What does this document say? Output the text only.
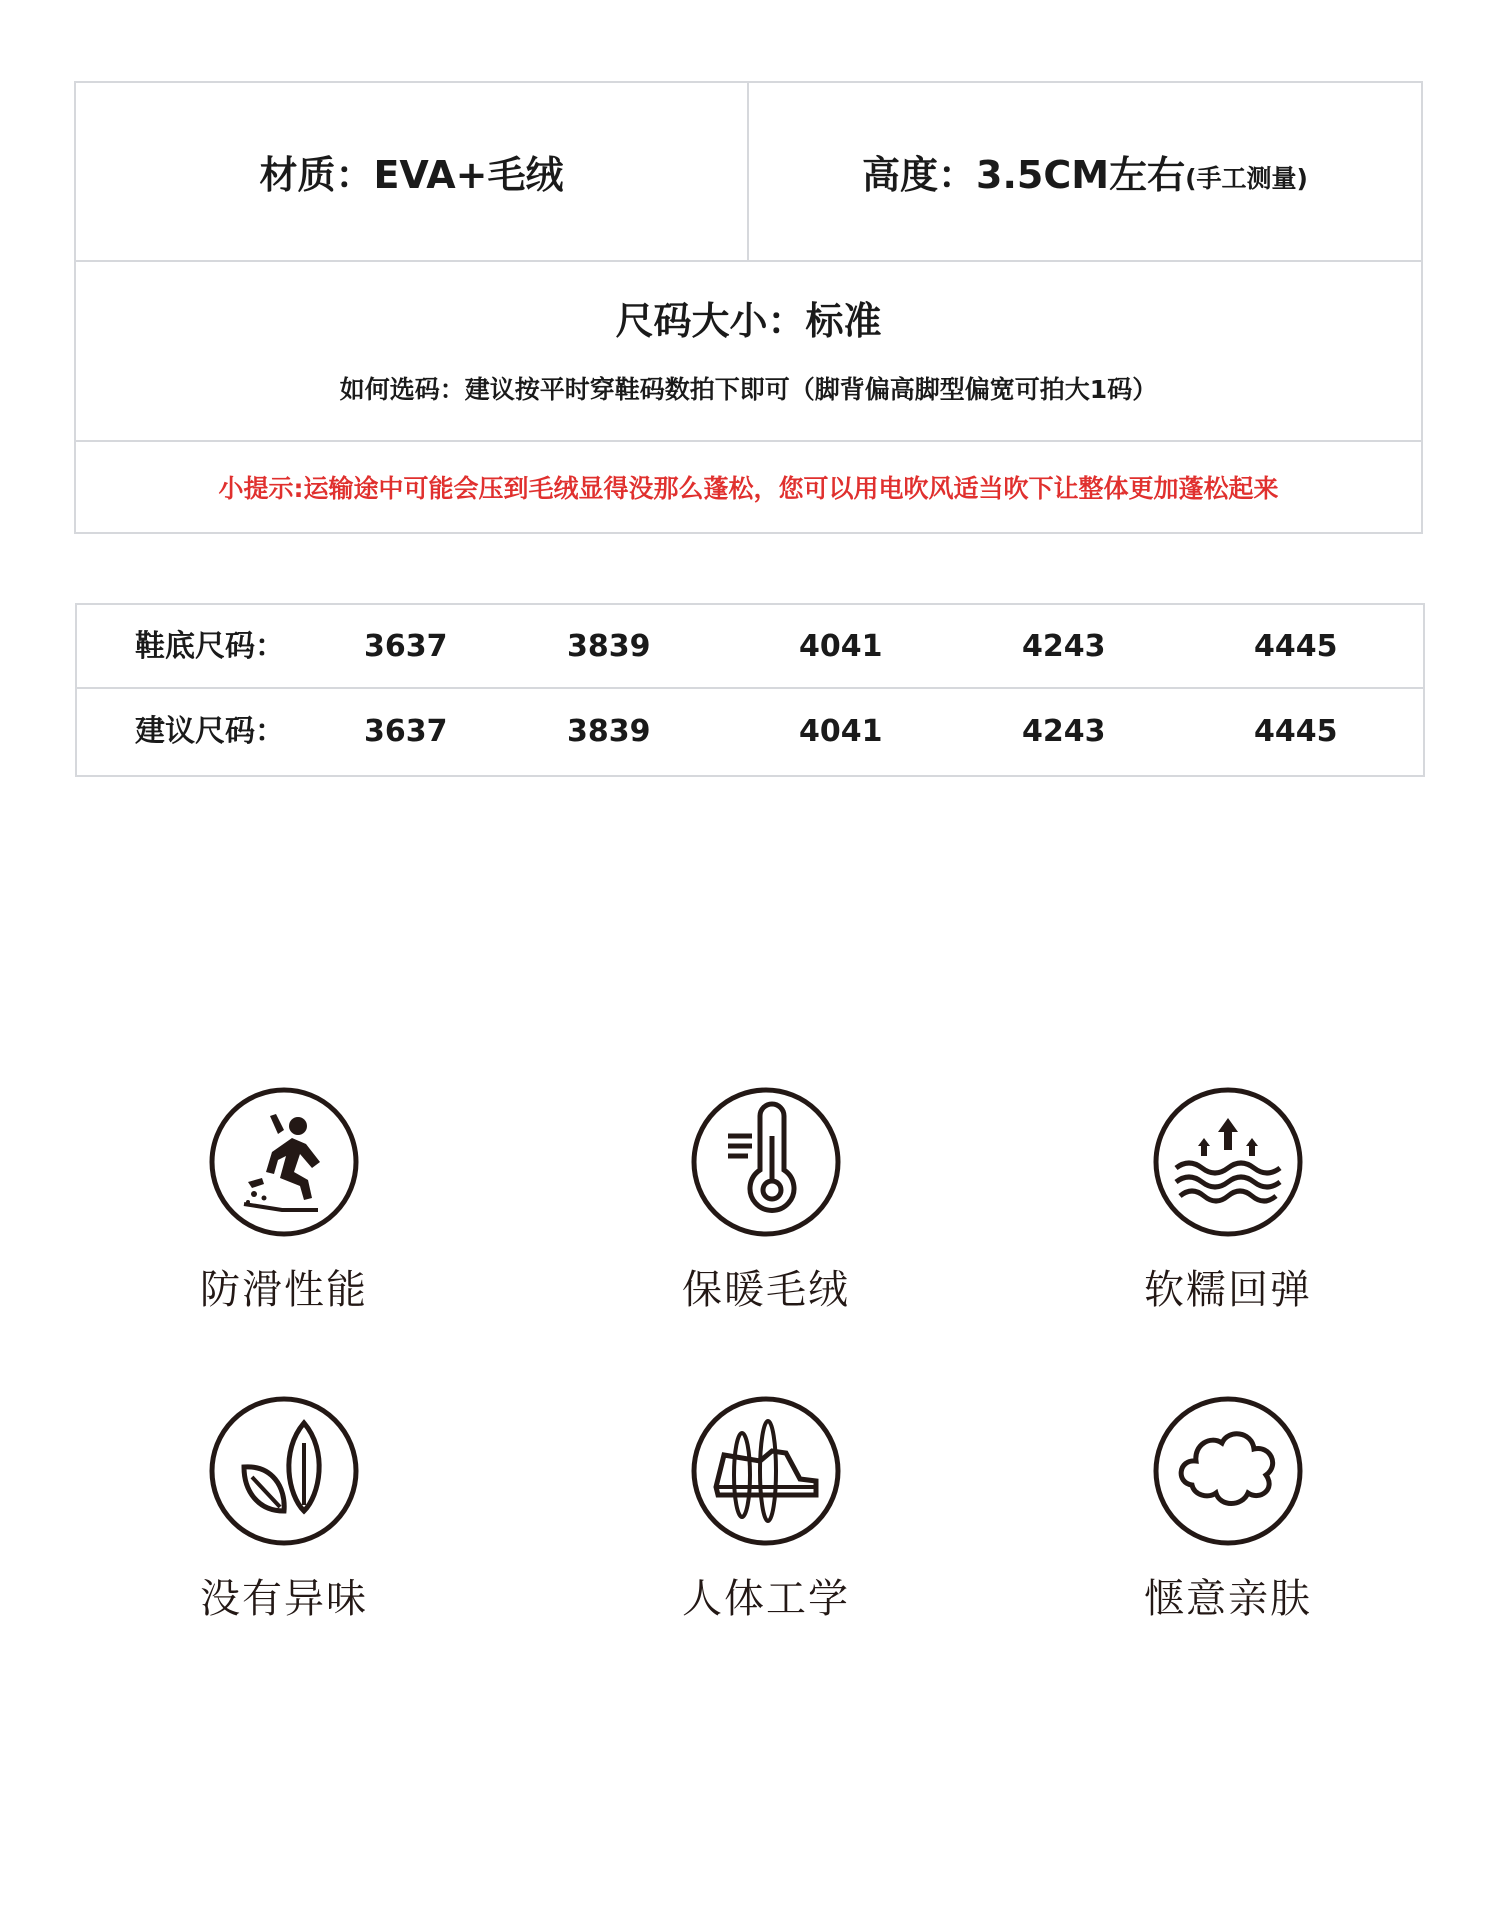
材质：EVA+毛绒	高度：3.5CM左右 (手工测量)
尺码大小：标准
如何选码：建议按平时穿鞋码数拍下即可（脚背偏高脚型偏宽可拍大1码）
小提示:运输途中可能会压到毛绒显得没那么蓬松，您可以用电吹风适当吹下让整体更加蓬松起来
鞋底尺码：	3637	3839	4041	4243	4445
建议尺码：	3637	3839	4041	4243	4445
防滑性能	保暖毛绒	软糯回弹
没有异味	人体工学	惬意亲肤
